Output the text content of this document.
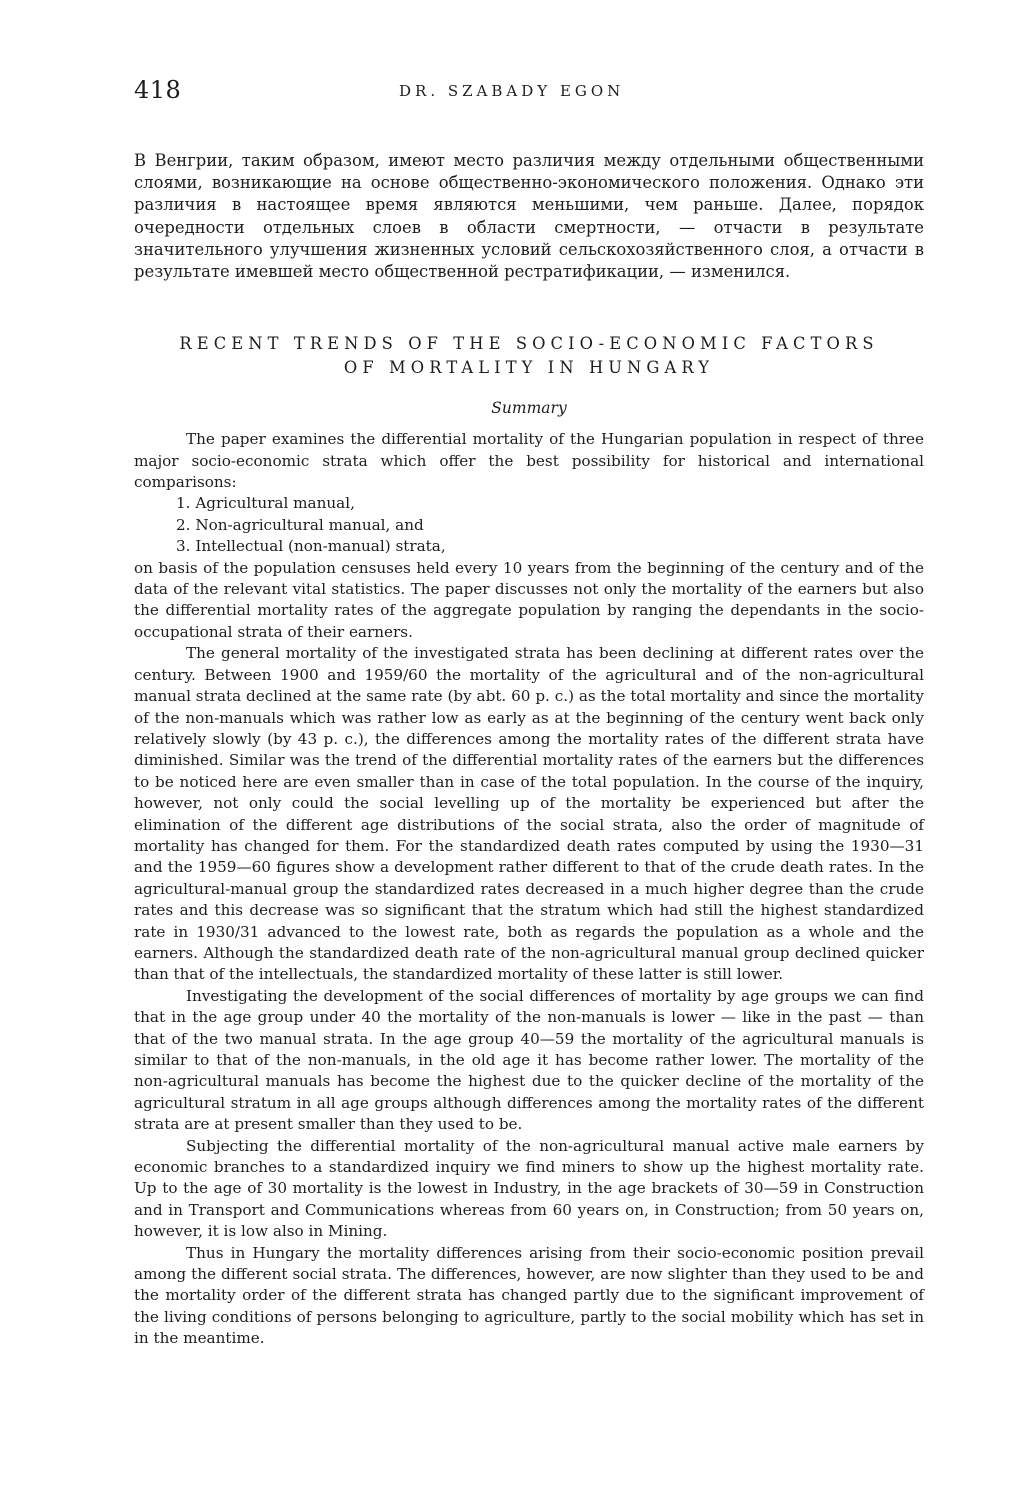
418	DR. SZABADY EGON

В Венгрии, таким образом, имеют место различия между отдельными общественными слоями, возникающие на основе общественно-экономического положения. Однако эти различия в настоящее время являются меньшими, чем раньше. Далее, порядок очередности отдельных слоев в области смертности, — отчасти в результате значительного улучшения жизненных условий сельскохозяйственного слоя, а отчасти в результате имевшей место общественной рестратификации, — изменился.

RECENT TRENDS OF THE SOCIO-ECONOMIC FACTORS
OF MORTALITY IN HUNGARY
Summary

The paper examines the differential mortality of the Hungarian population in respect of three major socio-economic strata which offer the best possibility for historical and international comparisons:

1. Agricultural manual,
2. Non-agricultural manual, and
3. Intellectual (non-manual) strata,

on basis of the population censuses held every 10 years from the beginning of the century and of the data of the relevant vital statistics. The paper discusses not only the mortality of the earners but also the differential mortality rates of the aggregate population by ranging the dependants in the socio-occupational strata of their earners.

The general mortality of the investigated strata has been declining at different rates over the century. Between 1900 and 1959/60 the mortality of the agricultural and of the non-agricultural manual strata declined at the same rate (by abt. 60 p. c.) as the total mortality and since the mortality of the non-manuals which was rather low as early as at the beginning of the century went back only relatively slowly (by 43 p. c.), the differences among the mortality rates of the different strata have diminished. Similar was the trend of the differential mortality rates of the earners but the differences to be noticed here are even smaller than in case of the total population. In the course of the inquiry, however, not only could the social levelling up of the mortality be experienced but after the elimination of the different age distributions of the social strata, also the order of magnitude of mortality has changed for them. For the standardized death rates computed by using the 1930—31 and the 1959—60 figures show a development rather different to that of the crude death rates. In the agricultural-manual group the standardized rates decreased in a much higher degree than the crude rates and this decrease was so significant that the stratum which had still the highest standardized rate in 1930/31 advanced to the lowest rate, both as regards the population as a whole and the earners. Although the standardized death rate of the non-agricultural manual group declined quicker than that of the intellectuals, the standardized mortality of these latter is still lower.

Investigating the development of the social differences of mortality by age groups we can find that in the age group under 40 the mortality of the non-manuals is lower — like in the past — than that of the two manual strata. In the age group 40—59 the mortality of the agricultural manuals is similar to that of the non-manuals, in the old age it has become rather lower. The mortality of the non-agricultural manuals has become the highest due to the quicker decline of the mortality of the agricultural stratum in all age groups although differences among the mortality rates of the different strata are at present smaller than they used to be.

Subjecting the differential mortality of the non-agricultural manual active male earners by economic branches to a standardized inquiry we find miners to show up the highest mortality rate. Up to the age of 30 mortality is the lowest in Industry, in the age brackets of 30—59 in Construction and in Transport and Communications whereas from 60 years on, in Construction; from 50 years on, however, it is low also in Mining.

Thus in Hungary the mortality differences arising from their socio-economic position prevail among the different social strata. The differences, however, are now slighter than they used to be and the mortality order of the different strata has changed partly due to the significant improvement of the living conditions of persons belonging to agriculture, partly to the social mobility which has set in in the meantime.
